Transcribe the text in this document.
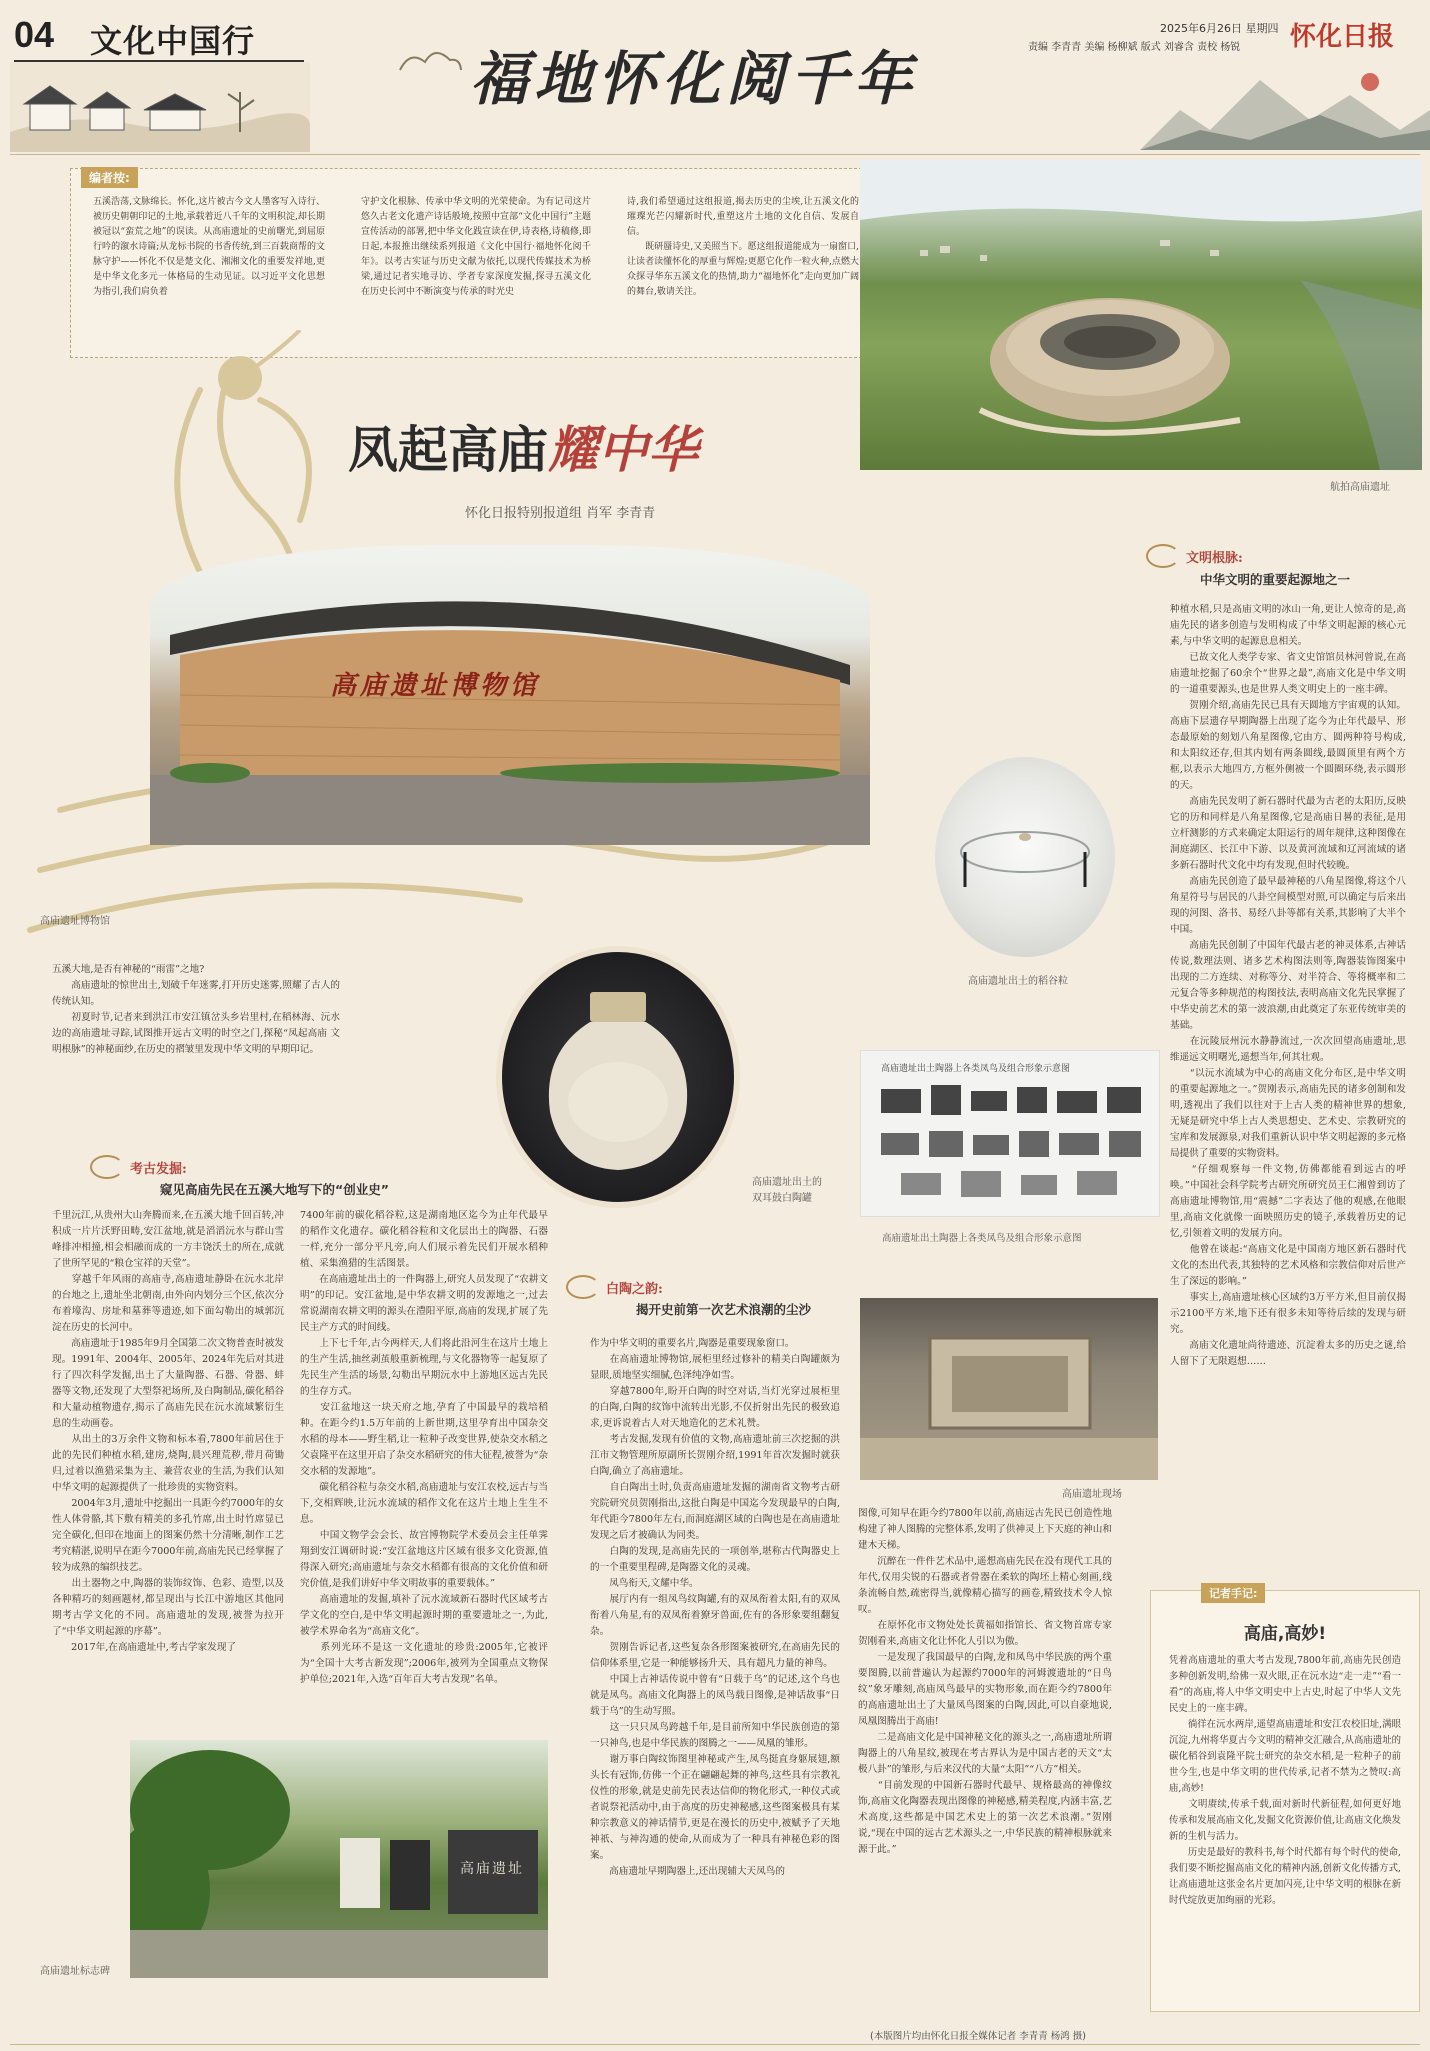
04 文化中国行
福地怀化阅千年
2025年6月26日 星期四
责编 李青青 美编 杨柳斌 版式 刘睿含 责校 杨锐 怀化日报
编者按:
五溪浩荡,文脉绵长。怀化,这片被古今文人墨客写入诗行、被历史朝朝印记的土地,承载着近八千年的文明积淀,却长期被冠以“蛮荒之地”的误读。从高庙遗址的史前曙光,到屈原行吟的溆水诗篇;从龙标书院的书香传统,到三百载商帮的文脉守护——怀化不仅是楚文化、湘湘文化的重要发祥地,更是中华文化多元一体格局的生动见证。以习近平文化思想为指引,我们肩负着
守护文化根脉、传承中华文明的光荣使命。为有记司这片悠久古老文化遗产诗话般境,按照中宣部“文化中国行”主题宣传活动的部署,把中华文化践宣读在伊,诗表格,诗稿修,即日起,本报推出继续系列报道《文化中国行·福地怀化阅千年》。以考古实证与历史文献为依托,以现代传媒技术为桥梁,通过记者实地寻访、学者专家深度发掘,探寻五溪文化在历史长河中不断演变与传承的时光史
诗,我们希望通过这组报道,揭去历史的尘埃,让五溪文化的璀璨光芒闪耀新时代,重塑这片土地的文化自信、发展自信。
　　既研蜃诗史,又美照当下。愿这组报道能成为一扇窗口,让读者读懂怀化的厚重与辉煌;更愿它化作一粒火种,点燃大众探寻华东五溪文化的热情,助力“福地怀化”走向更加广阔的舞台,敬请关注。
航拍高庙遗址
凤起高庙耀中华
怀化日报特别报道组 肖军 李青青
高庙遗址博物馆
高庙遗址博物馆
高庙遗址出土的稻谷粒
五溪大地,是否有神秘的“雨雷”之地?
　　高庙遗址的惊世出土,划破千年迷雾,打开历史迷雾,照耀了古人的传统认知。
　　初夏时节,记者来到洪江市安江镇岔头乡岩里村,在稻林海、沅水边的高庙遗址寻踪,试图推开远古文明的时空之门,探秘“凤起高庙 文明根脉”的神秘面纱,在历史的褶皱里发现中华文明的早期印记。
高庙遗址出土的
双耳鼓白陶罐
高庙遗址出土陶器上各类凤鸟及组合形象示意图
高庙遗址出土陶器上各类凤鸟及组合形象示意图
高庙遗址现场
考古发掘:
窥见高庙先民在五溪大地写下的“创业史”
千里沅江,从贵州大山奔腾而来,在五溪大地千回百转,冲积成一片片沃野田畴,安江盆地,就是滔滔沅水与群山雪峰排冲相撞,相会相融而成的一方丰饶沃土的所在,成就了世所罕见的“粮仓宝祥的天堂”。
　　穿越千年风雨的高庙寺,高庙遗址静卧在沅水北岸的台地之上,遗址坐北朝南,由外向内划分三个区,依次分布着壕沟、房址和墓葬等遗迹,如下面勾勒出的城郭沉淀在历史的长河中。
　　高庙遗址于1985年9月全国第二次文物普查时被发现。1991年、2004年、2005年、2024年先后对其进行了四次科学发掘,出土了大量陶器、石器、骨器、蚌器等文物,还发现了大型祭祀场所,及白陶制品,碳化稻谷和大量动植物遗存,揭示了高庙先民在沅水流域繁衍生息的生动画卷。
　　从出土的3万余件文物和标本看,7800年前居住于此的先民们种植水稻,建房,烧陶,晨兴理荒秽,带月荷锄归,过着以渔猎采集为主、兼营农业的生活,为我们认知中华文明的起源提供了一批珍贵的实物资料。
　　2004年3月,遗址中挖掘出一具距今约7000年的女性人体骨骼,其下敷有精美的多孔竹席,出土时竹席显已完全碳化,但印在地面上的图案仍然十分清晰,制作工艺考究精湛,说明早在距今7000年前,高庙先民已经掌握了较为成熟的编织技艺。
　　出土器物之中,陶器的装饰纹饰、色彩、造型,以及各种精巧的刻画题材,都呈现出与长江中游地区其他同期考古学文化的不同。高庙遗址的发现,被誉为拉开了“中华文明起源的序幕”。
　　2017年,在高庙遗址中,考古学家发现了
7400年前的碳化稻谷粒,这是湖南地区迄今为止年代最早的稻作文化遗存。碳化稻谷粒和文化层出土的陶器、石器一样,充分一部分平凡旁,向人们展示着先民们开展水稻种植、采集渔猎的生活图景。
　　在高庙遗址出土的一件陶器上,研究人员发现了“农耕文明”的印记。安江盆地,是中华农耕文明的发源地之一,过去常说湖南农耕文明的源头在澧阳平原,高庙的发现,扩展了先民主产方式的时间线。
　　上下七千年,古今两样天,人们将此沿河生在这片土地上的生产生活,抽丝剥茧般重新梳理,与文化器物等一起复原了先民生产生活的场景,勾勒出早期沅水中上游地区远古先民的生存方式。
　　安江盆地这一块天府之地,孕育了中国最早的栽培稻种。在距今约1.5万年前的上新世期,这里孕育出中国杂交水稻的母本——野生稻,让一粒种子改变世界,使杂交水稻之父袁隆平在这里开启了杂交水稻研究的伟大征程,被誉为“杂交水稻的发源地”。
　　碳化稻谷粒与杂交水稻,高庙遗址与安江农校,远古与当下,交相辉映,让沅水流域的稻作文化在这片土地上生生不息。
　　中国文物学会会长、故宫博物院学术委员会主任单霁翔到安江调研时说:“安江盆地这片区域有很多文化资源,值得深入研究;高庙遗址与杂交水稻都有很高的文化价值和研究价值,是我们讲好中华文明故事的重要载体。”
　　高庙遗址的发掘,填补了沅水流域新石器时代区域考古学文化的空白,是中华文明起源时期的重要遗址之一,为此,被学术界命名为“高庙文化”。
　　系列光环不是这一文化遗址的珍贵:2005年,它被评为“全国十大考古新发现”;2006年,被列为全国重点文物保护单位;2021年,入选“百年百大考古发现”名单。
高庙遗址
高庙遗址标志碑
白陶之韵:
揭开史前第一次艺术浪潮的尘沙
作为中华文明的重要名片,陶器是重要现象窗口。
　　在高庙遗址博物馆,展柜里经过修补的精美白陶罐颇为显眼,质地坚实细腻,色泽纯净如雪。
　　穿越7800年,盼开白陶的时空对话,当灯光穿过展柜里的白陶,白陶的纹饰中流转出光影,不仅折射出先民的极致追求,更诉说着古人对天地造化的艺术礼赞。
　　考古发掘,发现有价值的文物,高庙遗址前三次挖掘的洪江市文物管理所原副所长贺刚介绍,1991年首次发掘时就获白陶,确立了高庙遗址。
　　自白陶出土时,负责高庙遗址发掘的湖南省文物考古研究院研究员贺刚指出,这批白陶是中国迄今发现最早的白陶,年代距今7800年左右,而洞庭湖区域的白陶也是在高庙遗址发现之后才被确认为同类。
　　白陶的发现,是高庙先民的一项创举,堪称古代陶器史上的一个重要里程碑,是陶器文化的灵魂。
　　凤鸟衔天,文耀中华。
　　展厅内有一组凤鸟纹陶罐,有的双凤衔着太阳,有的双凤衔着八角星,有的双凤衔着獠牙兽面,佐有的各形象要组翻复杂。
　　贺刚告诉记者,这些复杂各形图案被研究,在高庙先民的信仰体系里,它是一种能够扬升天、具有超凡力量的神鸟。
　　中国上古神话传说中曾有“日载于乌”的记述,这个乌也就是凤鸟。高庙文化陶器上的凤鸟载日图像,是神话故事“日载于乌”的生动写照。
　　这一只只凤鸟跨越千年,是目前所知中华民族创造的第一只神鸟,也是中华民族的图腾之一——凤凰的雏形。
　　谢万事白陶纹饰图里神秘或产生,凤鸟挺直身躯展翅,额头长有冠饰,仿佛一个正在翩翩起舞的神鸟,这些具有宗教礼仪性的形象,就是史前先民表达信仰的物化形式,一种仪式或者说祭祀活动中,由于高度的历史神秘感,这些图案极具有某种宗教意义的神话情节,更是在漫长的历史中,被赋予了天地神祇、与神沟通的使命,从而成为了一种具有神秘色彩的图案。
　　高庙遗址早期陶器上,还出现辅大天凤鸟的
图像,可知早在距今约7800年以前,高庙远古先民已创造性地构建了神人图腾的完整体系,发明了供神灵上下天庭的神山和建木天梯。
　　沉醉在一件件艺术品中,遥想高庙先民在没有现代工具的年代,仅用尖锐的石器或者骨器在柔软的陶坯上精心刻画,线条流畅自然,疏密得当,就像精心描写的画卷,精致技术令人惊叹。
　　在原怀化市文物处处长黄福如指馆长、省文物首席专家贺刚看来,高庙文化让怀化人引以为傲。
　　一是发现了我国最早的白陶,龙和凤鸟中华民族的两个重要图腾,以前普遍认为起源约7000年的河姆渡遗址的“日鸟纹”象牙雕刻,高庙凤鸟最早的实物形象,而在距今约7800年的高庙遗址出土了大量凤鸟图案的白陶,因此,可以自豪地说,凤凰图腾出于高庙!
　　二是高庙文化是中国神秘文化的源头之一,高庙遗址所谓陶器上的八角星纹,被现在考古界认为是中国古老的天文“太极八卦”的雏形,与后来汉代的大量“太阳”“八方”相关。
　　“目前发现的中国新石器时代最早、规格最高的神像纹饰,高庙文化陶器表现出图像的神秘感,精美程度,内涵丰富,艺术高度,这些都是中国艺术史上的第一次艺术浪潮。”贺刚说,“现在中国的远古艺术源头之一,中华民族的精神根脉就来源于此。”
文明根脉:
中华文明的重要起源地之一
种植水稻,只是高庙文明的冰山一角,更让人惊奇的是,高庙先民的诸多创造与发明构成了中华文明起源的核心元素,与中华文明的起源息息相关。
　　已故文化人类学专家、省文史馆馆员林河曾说,在高庙遗址挖掘了60余个“世界之最”,高庙文化是中华文明的一道重要源头,也是世界人类文明史上的一座丰碑。
　　贺刚介绍,高庙先民已具有天圆地方宇宙观的认知。高庙下层遗存早期陶器上出现了迄今为止年代最早、形态最原始的刻划八角星图像,它由方、圆两种符号构成,和太阳纹还存,但其内划有两条圆线,最圆顶里有两个方框,以表示大地四方,方框外侧被一个圆圈环绕,表示圆形的天。
　　高庙先民发明了新石器时代最为古老的太阳历,反映它的历和同样是八角星图像,它是高庙日晷的表征,是用立杆测影的方式来确定太阳运行的周年规律,这种图像在洞庭湖区、长江中下游、以及黄河流域和辽河流域的诸多新石器时代文化中均有发现,但时代较晚。
　　高庙先民创造了最早最神秘的八角星图像,将这个八角星符号与居民的八卦空间模型对照,可以确定与后来出现的河图、洛书、易经八卦等都有关系,其影响了大半个中国。
　　高庙先民创制了中国年代最古老的神灵体系,古神话传说,数理法则、诸多艺术构图法则等,陶器装饰图案中出现的二方连续、对称等分、对半符合、等将概率和二元复合等多种规范的构图技法,表明高庙文化先民掌握了中华史前艺术的第一波浪潮,由此奠定了东亚传统审美的基础。
　　在沅陵辰州沅水静静流过,一次次回望高庙遗址,思维遥远文明曙光,遥想当年,何其壮观。
　　“以沅水流域为中心的高庙文化分布区,是中华文明的重要起源地之一。”贺刚表示,高庙先民的诸多创制和发明,透视出了我们以往对于上古人类的精神世界的想象,无疑是研究中华上古人类思想史、艺术史、宗教研究的宝库和发展源泉,对我们重新认识中华文明起源的多元格局提供了重要的实物资料。
　　“仔细观察每一件文物,仿佛都能看到远古的呼唤。”中国社会科学院考古研究所研究员王仁湘曾到访了高庙遗址博物馆,用“震撼”二字表达了他的观感,在他眼里,高庙文化就像一面映照历史的镜子,承载着历史的记忆,引领着文明的发展方向。
　　他曾在谈起:“高庙文化是中国南方地区新石器时代文化的杰出代表,其独特的艺术风格和宗教信仰对后世产生了深远的影响。”
　　事实上,高庙遗址核心区域约3万平方米,但目前仅揭示2100平方米,地下还有很多未知等待后续的发现与研究。
　　高庙文化遗址尚待遗迹、沉淀着太多的历史之谜,给人留下了无限遐想……
记者手记:
高庙,高妙!
凭着高庙遗址的重大考古发现,7800年前,高庙先民创造多种创新发明,给佛一双火眼,正在沅水边“走一走”“看一看”的高庙,将人中华文明史中上古史,时起了中华人文先民史上的一座丰碑。
　　徜徉在沅水两岸,遥望高庙遗址和安江农校旧址,满眼沉淀,九州将华夏古今文明的精神交汇融合,从高庙遗址的碳化稻谷到袁隆平院士研究的杂交水稻,是一粒种子的前世今生,也是中华文明的世代传承,记者不禁为之赞叹:高庙,高妙!
　　文明赓续,传承千载,面对新时代新征程,如何更好地传承和发展高庙文化,发掘文化资源价值,让高庙文化焕发新的生机与活力。
　　历史是最好的教科书,每个时代都有每个时代的使命,我们要不断挖掘高庙文化的精神内涵,创新文化传播方式,让高庙遗址这张金名片更加闪亮,让中华文明的根脉在新时代绽放更加绚丽的光彩。
(本版图片均由怀化日报全媒体记者 李青青 杨鸿 摄)
